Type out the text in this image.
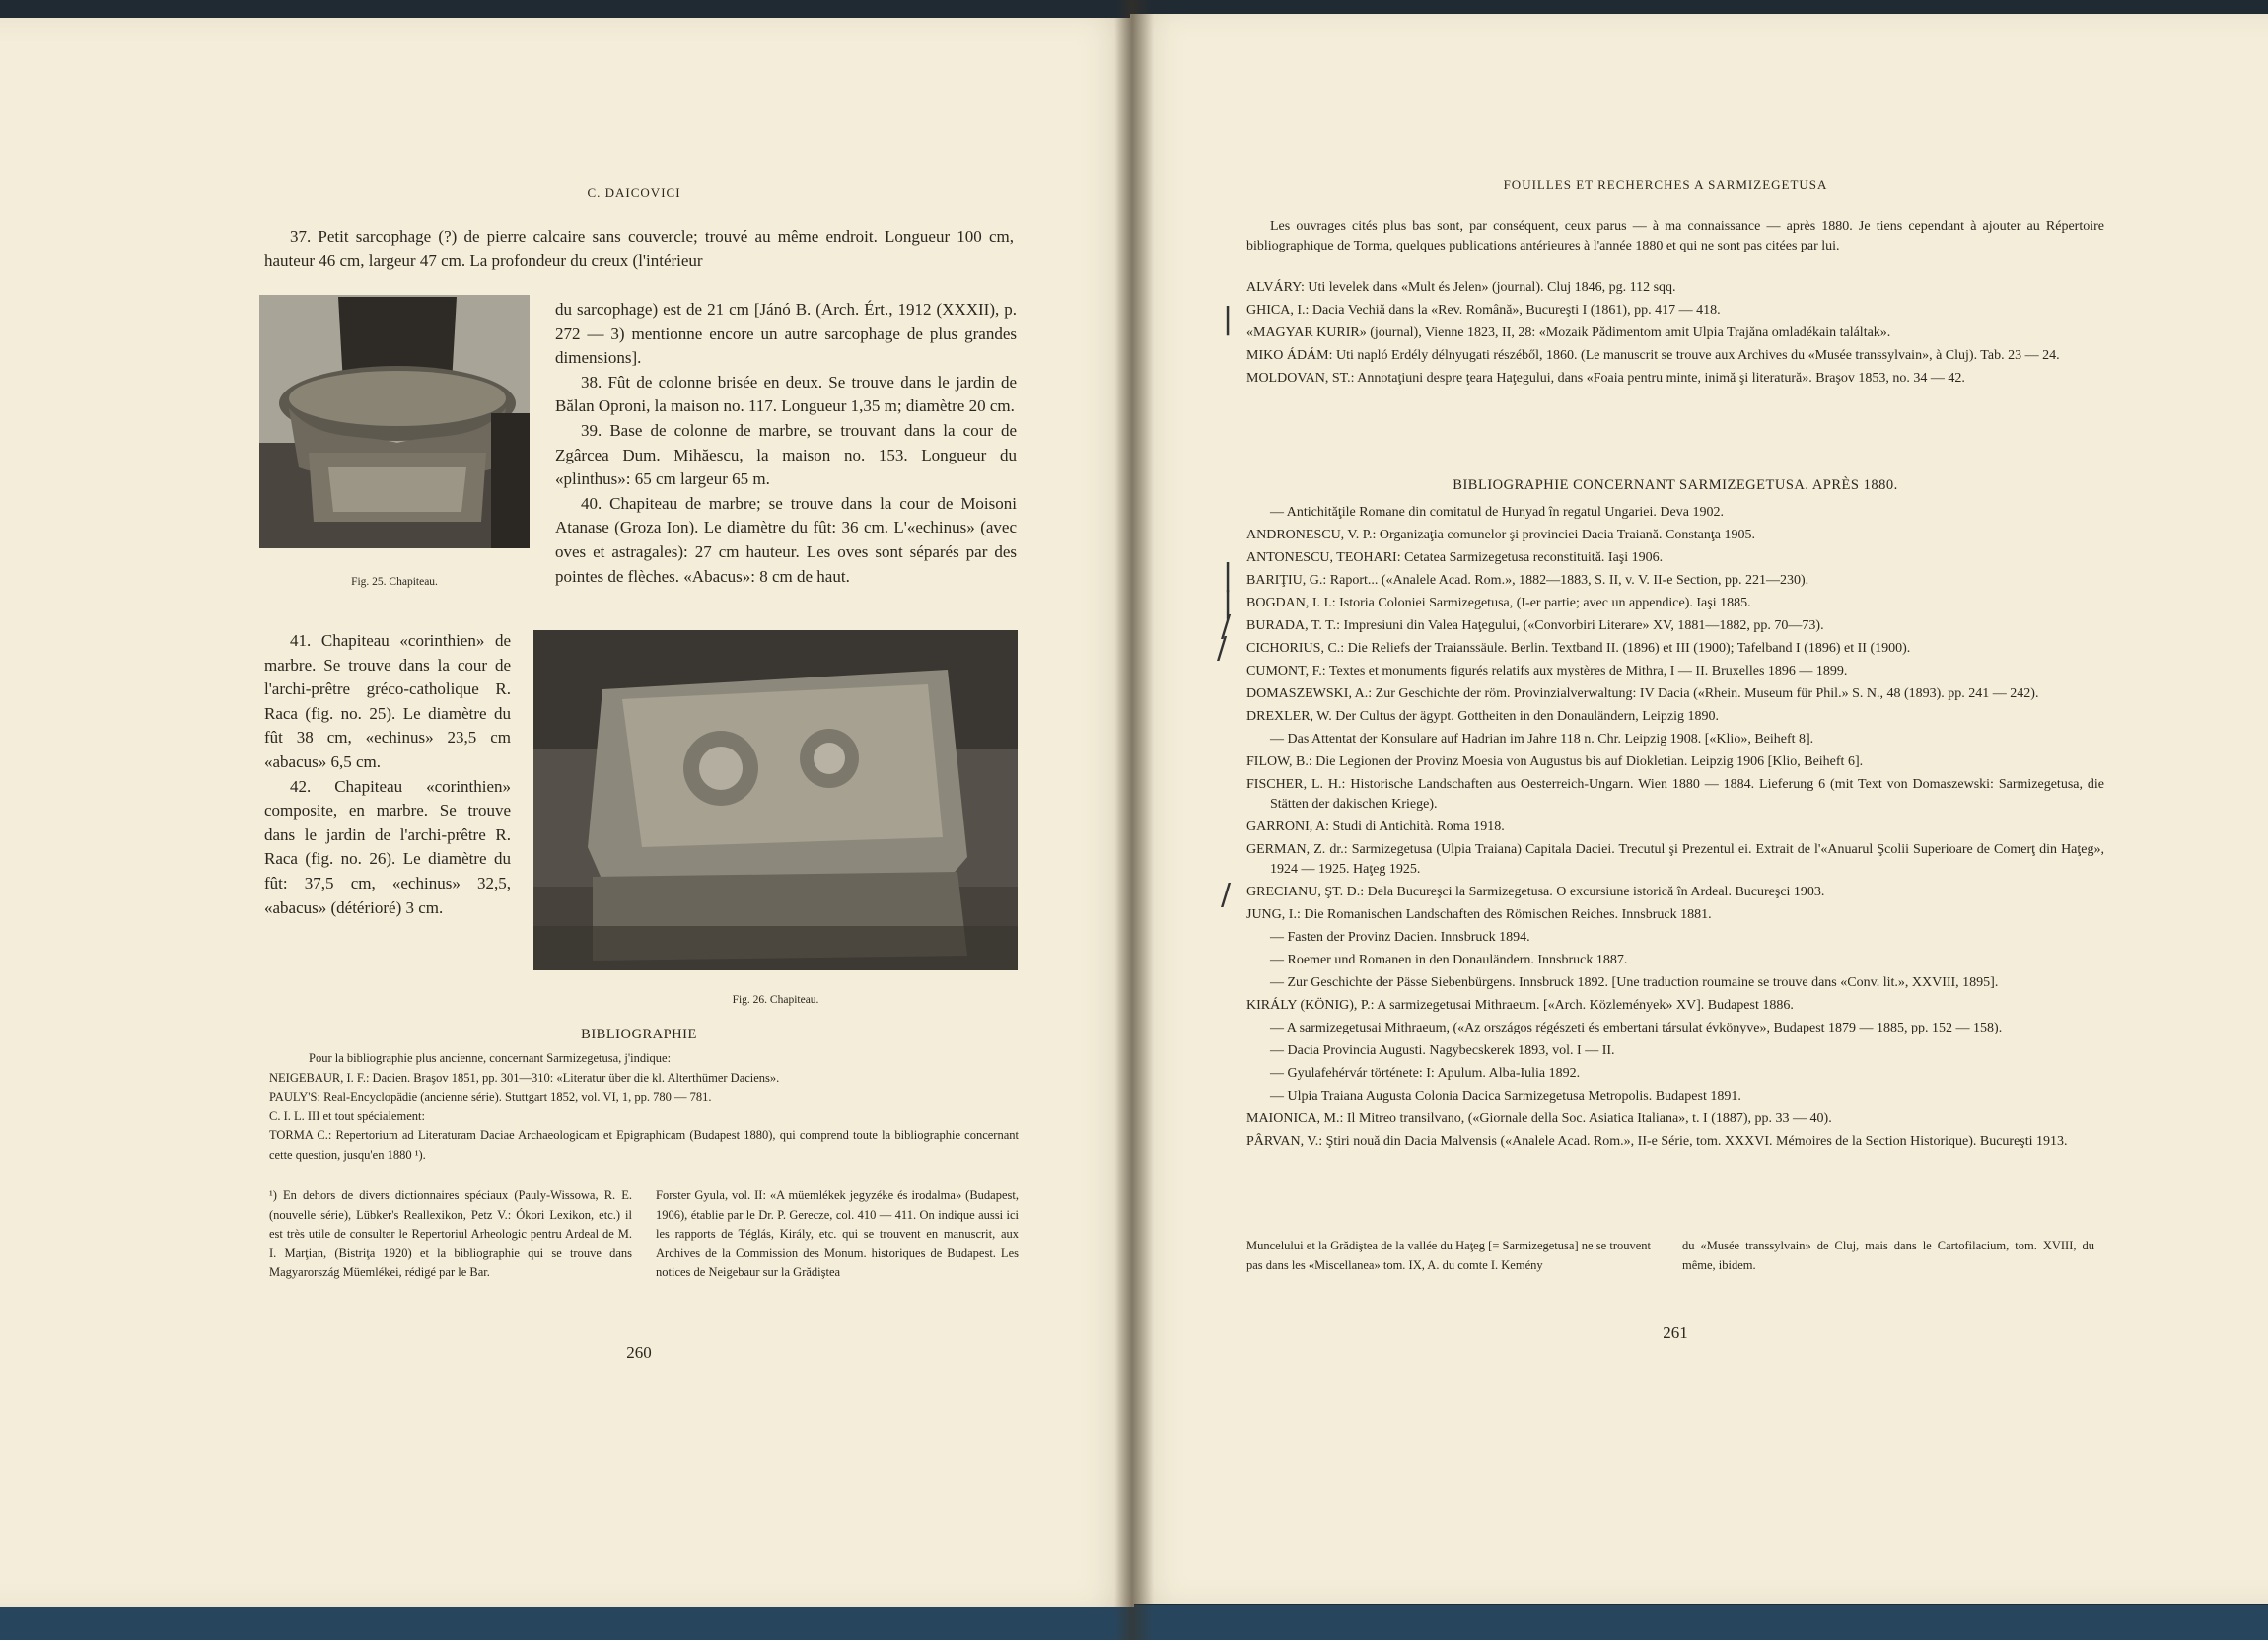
C. DAICOVICI

37. Petit sarcophage (?) de pierre calcaire sans couvercle; trouvé au même endroit. Longueur 100 cm, hauteur 46 cm, largeur 47 cm. La profondeur du creux (l'intérieur

du sarcophage) est de 21 cm [Jánó B. (Arch. Ért., 1912 (XXXII), p. 272 — 3) mentionne encore un autre sarcophage de plus grandes dimensions].

38. Fût de colonne brisée en deux. Se trouve dans le jardin de Bălan Oproni, la maison no. 117. Longueur 1,35 m; diamètre 20 cm.

39. Base de colonne de marbre, se trouvant dans la cour de Zgârcea Dum. Mihăescu, la maison no. 153. Longueur du «plinthus»: 65 cm largeur 65 m.

40. Chapiteau de marbre; se trouve dans la cour de Moisoni Atanase (Groza Ion). Le diamètre du fût: 36 cm. L'«echinus» (avec oves et astragales): 27 cm hauteur. Les oves sont séparés par des pointes de flèches. «Abacus»: 8 cm de haut.

Fig. 25. Chapiteau.

41. Chapiteau «corinthien» de marbre. Se trouve dans la cour de l'archi-prêtre gréco-catholique R. Raca (fig. no. 25). Le diamètre du fût 38 cm, «echinus» 23,5 cm «abacus» 6,5 cm.

42. Chapiteau «corinthien» composite, en marbre. Se trouve dans le jardin de l'archi-prêtre R. Raca (fig. no. 26). Le diamètre du fût: 37,5 cm, «echinus» 32,5, «abacus» (détérioré) 3 cm.

Fig. 26. Chapiteau.

BIBLIOGRAPHIE

Pour la bibliographie plus ancienne, concernant Sarmizegetusa, j'indique:

NEIGEBAUR, I. F.: Dacien. Braşov 1851, pp. 301—310: «Literatur über die kl. Alterthümer Daciens».

PAULY'S: Real-Encyclopädie (ancienne série). Stuttgart 1852, vol. VI, 1, pp. 780 — 781.

C. I. L. III et tout spécialement:

TORMA C.: Repertorium ad Literaturam Daciae Archaeologicam et Epigraphicam (Budapest 1880), qui comprend toute la bibliographie concernant cette question, jusqu'en 1880 ¹).

¹) En dehors de divers dictionnaires spéciaux (Pauly-Wissowa, R. E. (nouvelle série), Lübker's Reallexikon, Petz V.: Ókori Lexikon, etc.) il est très utile de consulter le Repertoriul Arheologic pentru Ardeal de M. I. Marţian, (Bistriţa 1920) et la bibliographie qui se trouve dans Magyarország Müemlékei, rédigé par le Bar.

Forster Gyula, vol. II: «A müemlékek jegyzéke és irodalma» (Budapest, 1906), établie par le Dr. P. Gerecze, col. 410 — 411. On indique aussi ici les rapports de Téglás, Király, etc. qui se trouvent en manuscrit, aux Archives de la Commission des Monum. historiques de Budapest. Les notices de Neigebaur sur la Grădiştea

260

FOUILLES ET RECHERCHES A SARMIZEGETUSA

Les ouvrages cités plus bas sont, par conséquent, ceux parus — à ma connaissance — après 1880. Je tiens cependant à ajouter au Répertoire bibliographique de Torma, quelques publications antérieures à l'année 1880 et qui ne sont pas citées par lui.

ALVÁRY: Uti levelek dans «Mult és Jelen» (journal). Cluj 1846, pg. 112 sqq.

GHICA, I.: Dacia Vechiă dans la «Rev. Română», Bucureşti I (1861), pp. 417 — 418.

«MAGYAR KURIR» (journal), Vienne 1823, II, 28: «Mozaik Pădimentom amit Ulpia Trajăna omladékain találtak».

MIKO ÁDÁM: Uti napló Erdély délnyugati részéből, 1860. (Le manuscrit se trouve aux Archives du «Musée transsylvain», à Cluj). Tab. 23 — 24.

MOLDOVAN, ST.: Annotaţiuni despre ţeara Haţegului, dans «Foaia pentru minte, inimă şi literatură». Braşov 1853, no. 34 — 42.

BIBLIOGRAPHIE CONCERNANT SARMIZEGETUSA. APRÈS 1880.

— Antichităţile Romane din comitatul de Hunyad în regatul Ungariei. Deva 1902.

ANDRONESCU, V. P.: Organizaţia comunelor şi provinciei Dacia Traiană. Constanţa 1905.

ANTONESCU, TEOHARI: Cetatea Sarmizegetusa reconstituită. Iaşi 1906.

BARIŢIU, G.: Raport... («Analele Acad. Rom.», 1882—1883, S. II, v. V. II-e Section, pp. 221—230).

BOGDAN, I. I.: Istoria Coloniei Sarmizegetusa, (I-er partie; avec un appendice). Iaşi 1885.

BURADA, T. T.: Impresiuni din Valea Haţegului, («Convorbiri Literare» XV, 1881—1882, pp. 70—73).

CICHORIUS, C.: Die Reliefs der Traianssäule. Berlin. Textband II. (1896) et III (1900); Tafelband I (1896) et II (1900).

CUMONT, F.: Textes et monuments figurés relatifs aux mystères de Mithra, I — II. Bruxelles 1896 — 1899.

DOMASZEWSKI, A.: Zur Geschichte der röm. Provinzialverwaltung: IV Dacia («Rhein. Museum für Phil.» S. N., 48 (1893). pp. 241 — 242).

DREXLER, W. Der Cultus der ägypt. Gottheiten in den Donauländern, Leipzig 1890.

— Das Attentat der Konsulare auf Hadrian im Jahre 118 n. Chr. Leipzig 1908. [«Klio», Beiheft 8].

FILOW, B.: Die Legionen der Provinz Moesia von Augustus bis auf Diokletian. Leipzig 1906 [Klio, Beiheft 6].

FISCHER, L. H.: Historische Landschaften aus Oesterreich-Ungarn. Wien 1880 — 1884. Lieferung 6 (mit Text von Domaszewski: Sarmizegetusa, die Stätten der dakischen Kriege).

GARRONI, A: Studi di Antichità. Roma 1918.

GERMAN, Z. dr.: Sarmizegetusa (Ulpia Traiana) Capitala Daciei. Trecutul şi Prezentul ei. Extrait de l'«Anuarul Şcolii Superioare de Comerţ din Haţeg», 1924 — 1925. Haţeg 1925.

GRECIANU, ŞT. D.: Dela Bucureşci la Sarmizegetusa. O excursiune istorică în Ardeal. Bucureşci 1903.

JUNG, I.: Die Romanischen Landschaften des Römischen Reiches. Innsbruck 1881.

— Fasten der Provinz Dacien. Innsbruck 1894.

— Roemer und Romanen in den Donauländern. Innsbruck 1887.

— Zur Geschichte der Pässe Siebenbürgens. Innsbruck 1892. [Une traduction roumaine se trouve dans «Conv. lit.», XXVIII, 1895].

KIRÁLY (KÖNIG), P.: A sarmizegetusai Mithraeum. [«Arch. Közlemények» XV]. Budapest 1886.

— A sarmizegetusai Mithraeum, («Az országos régészeti és embertani társulat évkönyve», Budapest 1879 — 1885, pp. 152 — 158).

— Dacia Provincia Augusti. Nagybecskerek 1893, vol. I — II.

— Gyulafehérvár története: I: Apulum. Alba-Iulia 1892.

— Ulpia Traiana Augusta Colonia Dacica Sarmizegetusa Metropolis. Budapest 1891.

MAIONICA, M.: Il Mitreo transilvano, («Giornale della Soc. Asiatica Italiana», t. I (1887), pp. 33 — 40).

PÂRVAN, V.: Ştiri nouă din Dacia Malvensis («Analele Acad. Rom.», II-e Série, tom. XXXVI. Mémoires de la Section Historique). Bucureşti 1913.

|
|
|
/
/
/

Muncelului et la Grădiştea de la vallée du Haţeg [= Sarmizegetusa] ne se trouvent pas dans les «Miscellanea» tom. IX, A. du comte I. Kemény

du «Musée transsylvain» de Cluj, mais dans le Cartofilacium, tom. XVIII, du même, ibidem.

261
